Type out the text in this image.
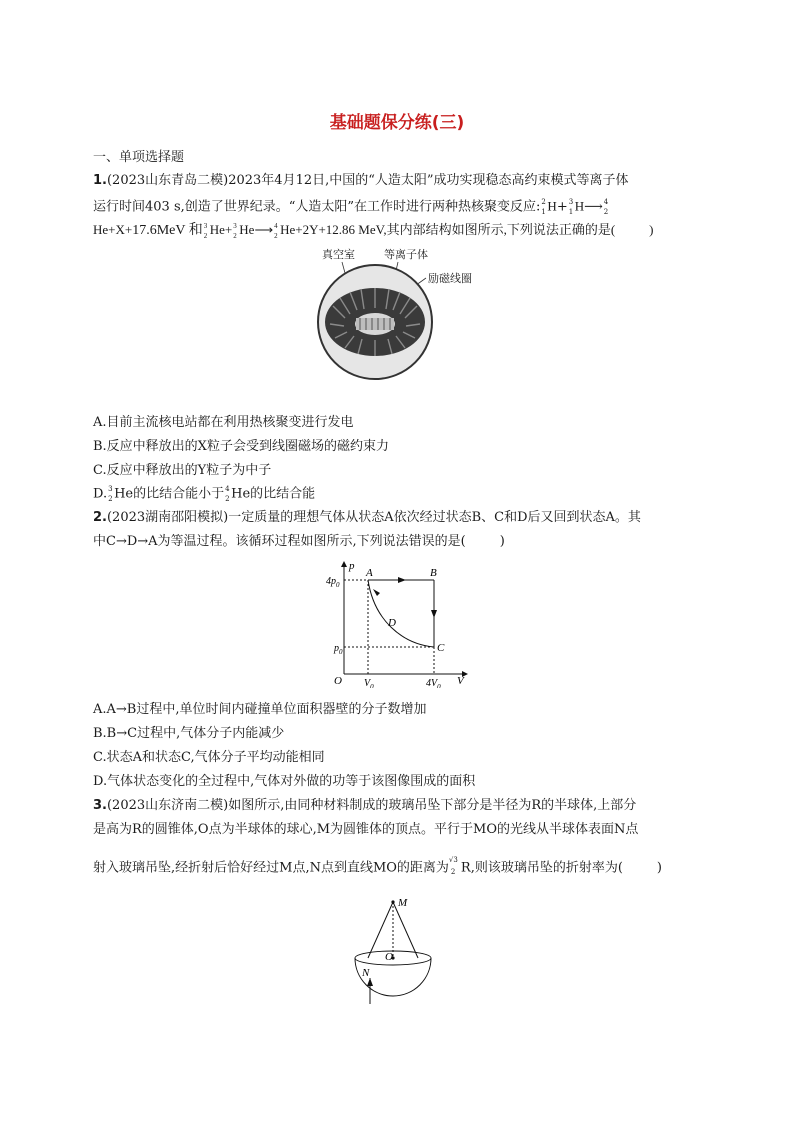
基础题保分练(三)
一、单项选择题
1.(2023山东青岛二模)2023年4月12日,中国的“人造太阳”成功实现稳态高约束模式等离子体
运行时间403 s,创造了世界纪录。“人造太阳”在工作时进行两种热核聚变反应: 2
1 H+ 3
1 H⟶ 4
2
He+X+17.6MeV 和 3
2 He+ 3
2 He⟶ 4
2 He+2Y+12.86 MeV,其内部结构如图所示,下列说法正确的是(	)
真空室	等离子体
励磁线圈
A.目前主流核电站都在利用热核聚变进行发电
B.反应中释放出的X粒子会受到线圈磁场的磁约束力
C.反应中释放出的Y粒子为中子
D. 3
2 He的比结合能小于 4
2 He的比结合能
2.(2023湖南邵阳模拟)一定质量的理想气体从状态A依次经过状态B、C和D后又回到状态A。其
中C→D→A为等温过程。该循环过程如图所示,下列说法错误的是(	)
p
V
O
$4p_0$
$p_0$
$V_0$	$4V_0$
A	B
C
D
A.A→B过程中,单位时间内碰撞单位面积器壁的分子数增加
B.B→C过程中,气体分子内能减少
C.状态A和状态C,气体分子平均动能相同
D.气体状态变化的全过程中,气体对外做的功等于该图像围成的面积
3.(2023山东济南二模)如图所示,由同种材料制成的玻璃吊坠下部分是半径为R的半球体,上部分
是高为R的圆锥体,O点为半球体的球心,M为圆锥体的顶点。平行于MO的光线从半球体表面N点
射入玻璃吊坠,经折射后恰好经过M点,N点到直线MO的距离为
√3
2 R,则该玻璃吊坠的折射率为(	)
M
O
N
